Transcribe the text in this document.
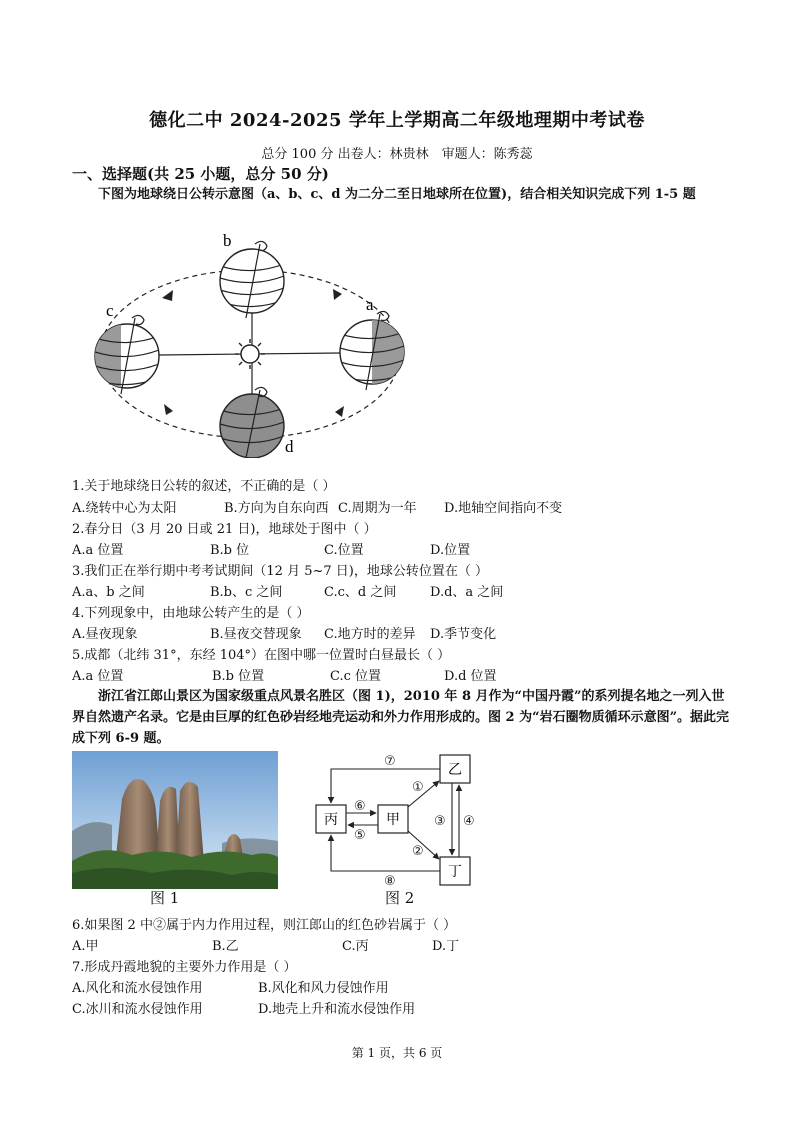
德化二中 2024-2025 学年上学期高二年级地理期中考试卷
总分 100 分 出卷人：林贵林　审题人：陈秀蕊
一、选择题(共 25 小题，总分 50 分)
下图为地球绕日公转示意图（a、b、c、d 为二分二至日地球所在位置)，结合相关知识完成下列 1-5 题
b
c	a
d
1.关于地球绕日公转的叙述，不正确的是（ ）
A.绕转中心为太阳	B.方向为自东向西 C.周期为一年 D.地轴空间指向不变
2.春分日（3 月 20 日或 21 日)，地球处于图中（ ）
A.a 位置	B.b 位	C.位置	D.位置
3.我们正在举行期中考考试期间（12 月 5~7 日)，地球公转位置在（ ）
A.a、b 之间	B.b、c 之间	C.c、d 之间	D.d、a 之间
4.下列现象中，由地球公转产生的是（ ）
A.昼夜现象	B.昼夜交替现象 C.地方时的差异 D.季节变化
5.成都（北纬 31°，东经 104°）在图中哪一位置时白昼最长（ ）
A.a 位置	B.b 位置	C.c 位置	D.d 位置
浙江省江郎山景区为国家级重点风景名胜区（图 1)，2010 年 8 月作为“中国丹霞”的系列提名地之一列入世界自然遗产名录。它是由巨厚的红色砂岩经地壳运动和外力作用形成的。图 2 为“岩石圈物质循环示意图”。据此完成下列 6-9 题。
图 1
丙	甲
乙
丁
⑦
①
⑥
⑤
③ ④
②
⑧
图 2
6.如果图 2 中②属于内力作用过程，则江郎山的红色砂岩属于（ ）
A.甲	B.乙	C.丙	D.丁
7.形成丹霞地貌的主要外力作用是（ ）
A.风化和流水侵蚀作用	B.风化和风力侵蚀作用
C.冰川和流水侵蚀作用	D.地壳上升和流水侵蚀作用
第 1 页，共 6 页
